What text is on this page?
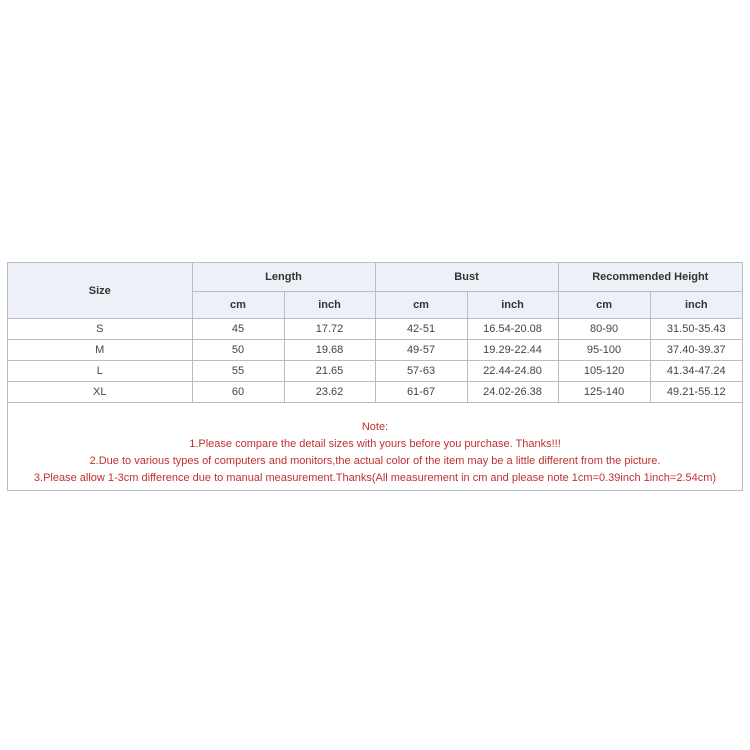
Size	Length		Bust		Recommended Height	
	cm	inch	cm	inch	cm	inch
S	45	17.72	42-51	16.54-20.08	80-90	31.50-35.43
M	50	19.68	49-57	19.29-22.44	95-100	37.40-39.37
L	55	21.65	57-63	22.44-24.80	105-120	41.34-47.24
XL	60	23.62	61-67	24.02-26.38	125-140	49.21-55.12
Note:
1.Please compare the detail sizes with yours before you purchase. Thanks!!!
2.Due to various types of computers and monitors,the actual color of the item may be a little different from the picture.
3.Please allow 1-3cm difference due to manual measurement.Thanks(All measurement in cm and please note 1cm=0.39inch 1inch=2.54cm)
